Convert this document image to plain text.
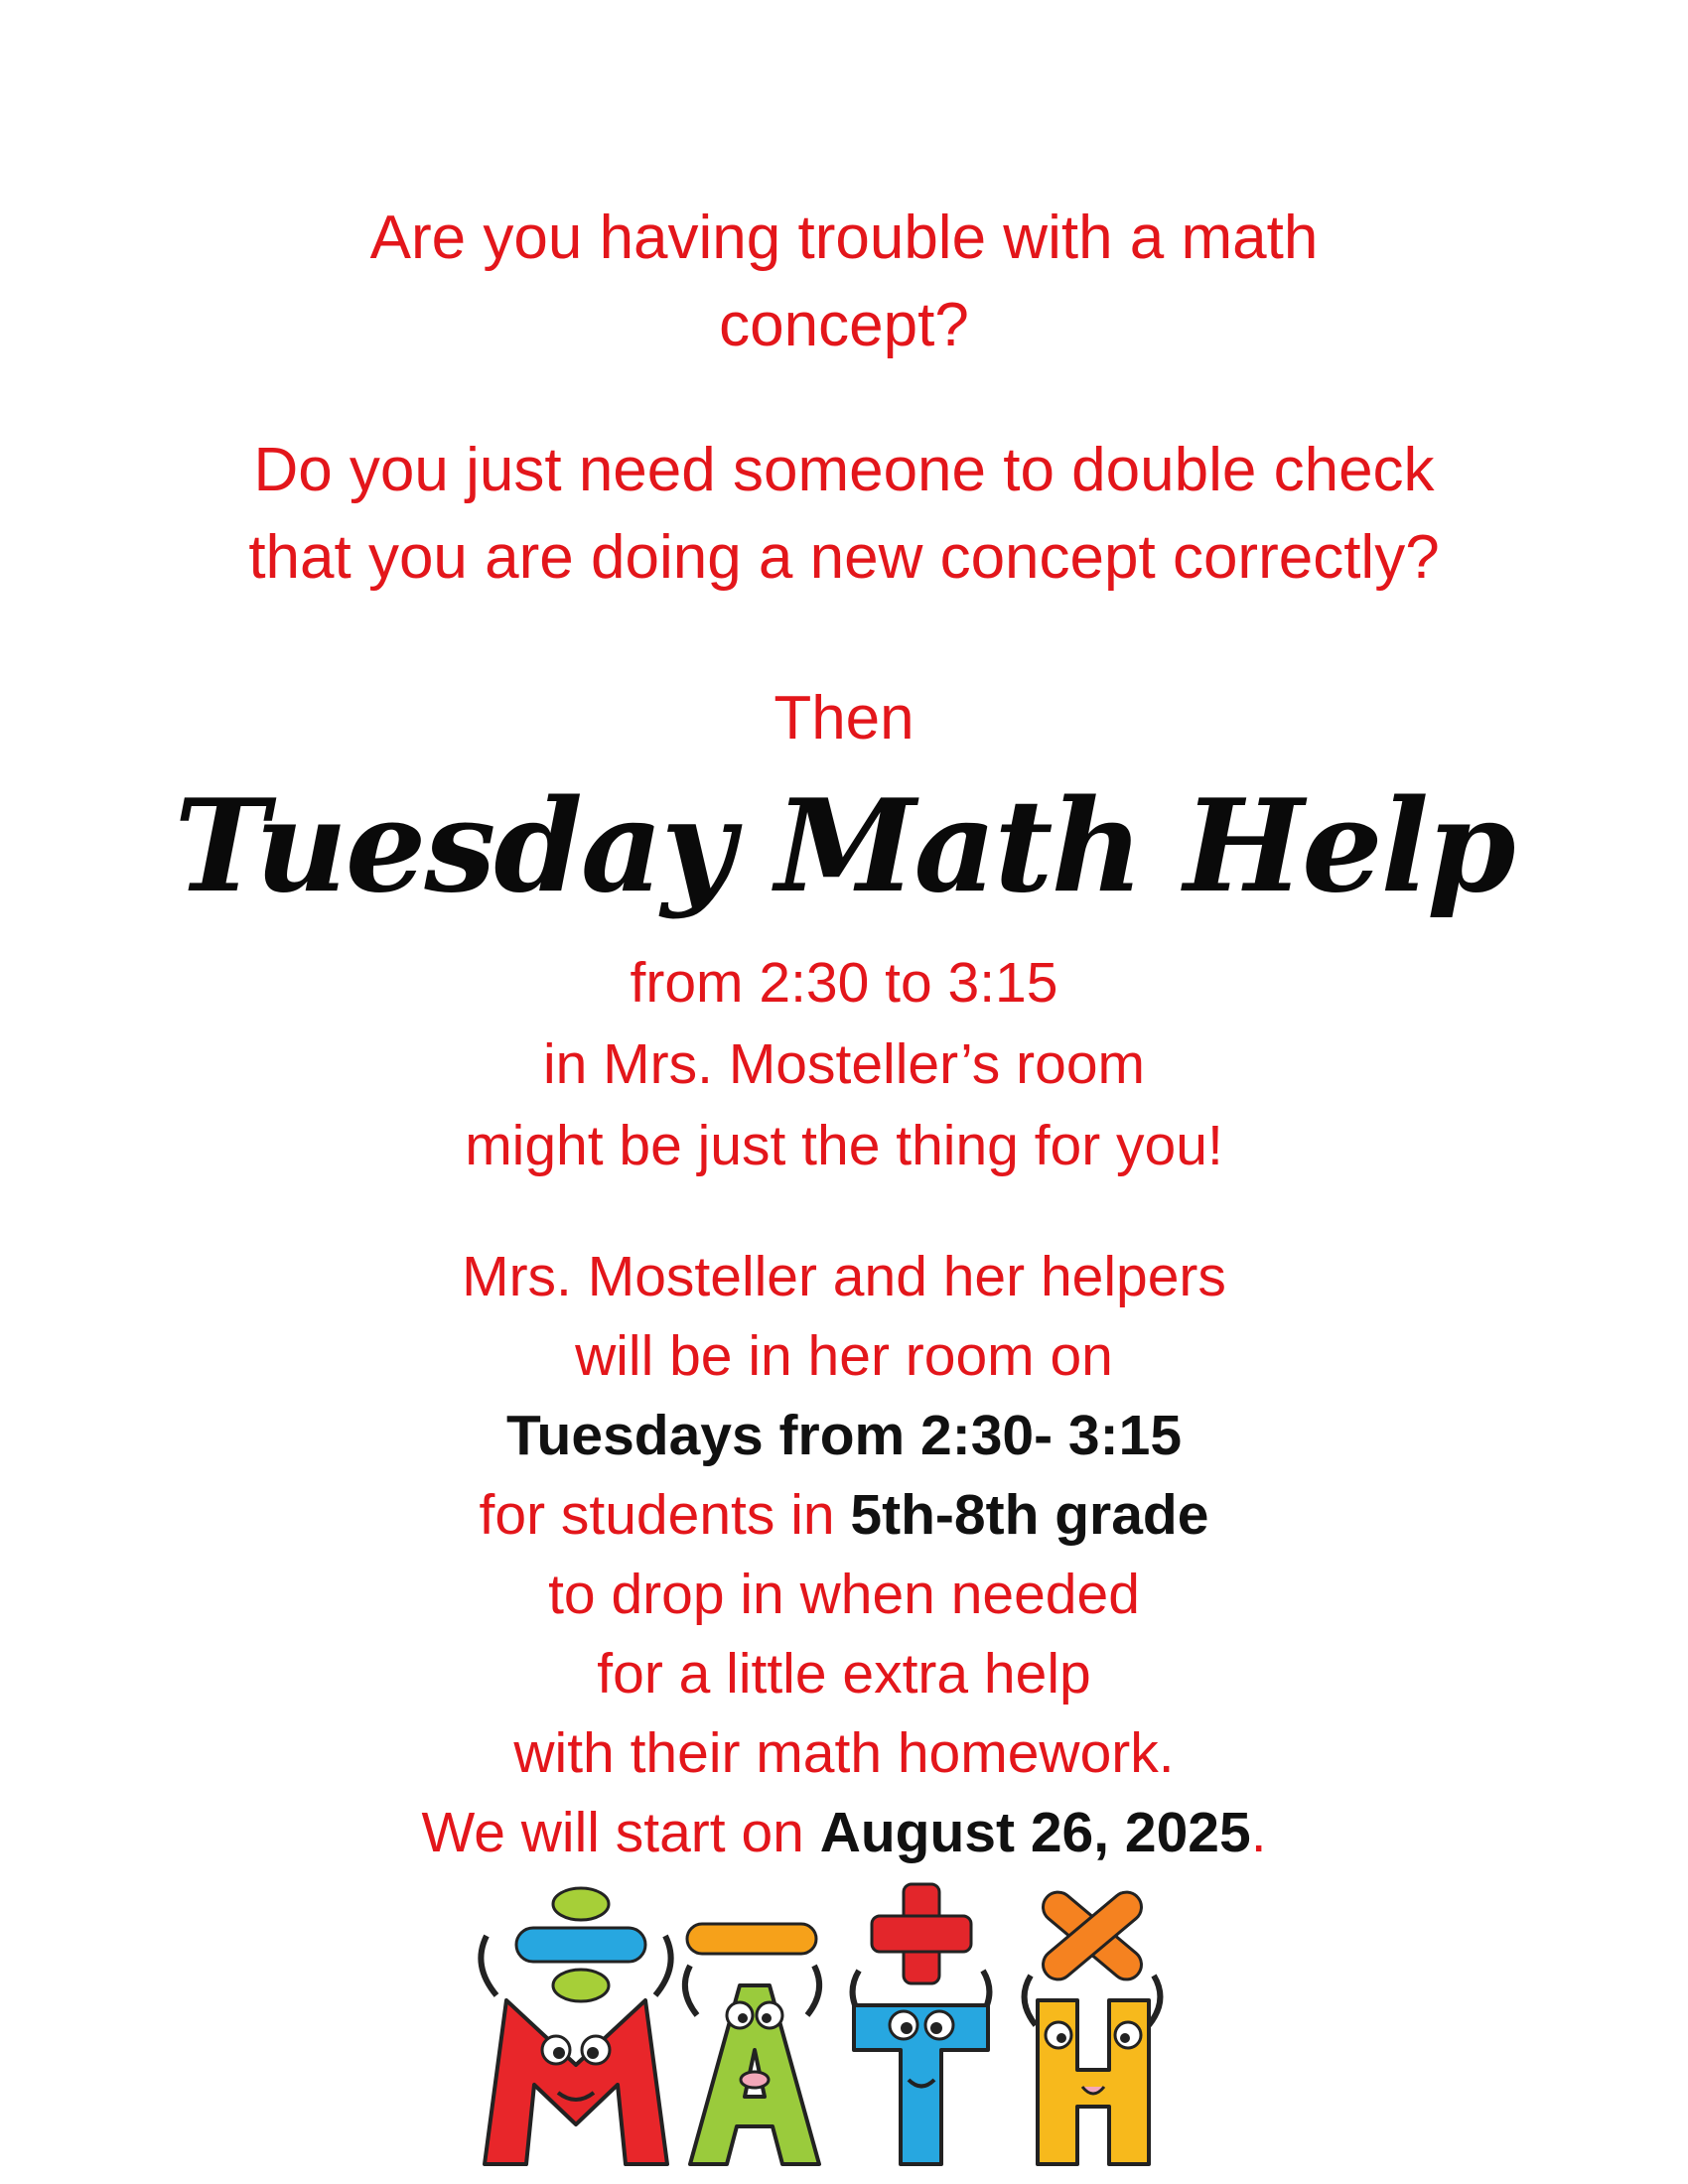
Are you having trouble with a math
concept?
Do you just need someone to double check
that you are doing a new concept correctly?
Then
Tuesday Math Help
from 2:30 to 3:15
in Mrs. Mosteller’s room
might be just the thing for you!
Mrs. Mosteller and her helpers
will be in her room on
Tuesdays from 2:30- 3:15
for students in 5th-8th grade
to drop in when needed
for a little extra help
with their math homework.
We will start on August 26, 2025.
